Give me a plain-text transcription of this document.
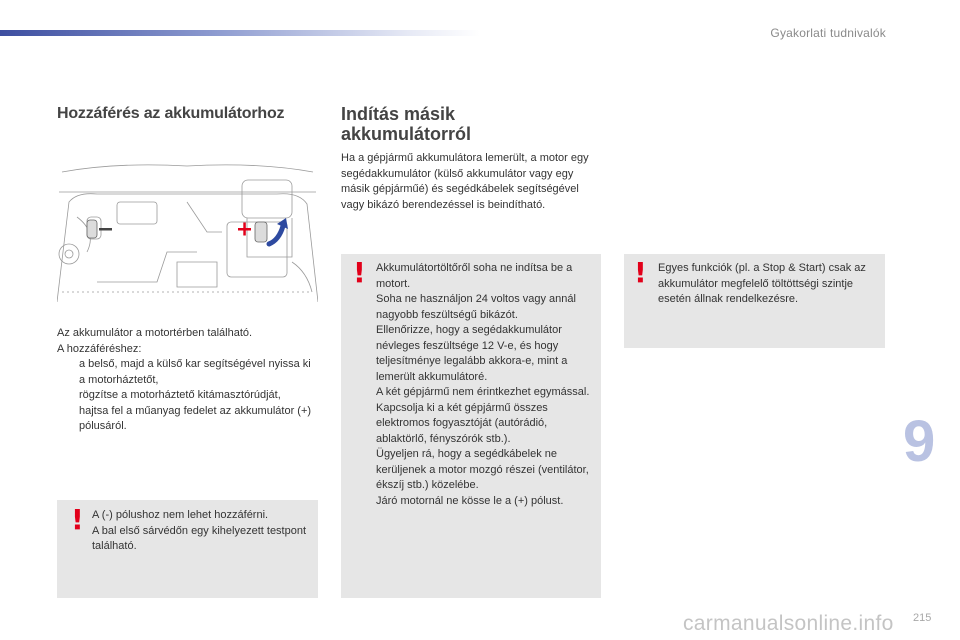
Gyakorlati tudnivalók
Hozzáférés az akkumulátorhoz	Indítás másik
akkumulátorról
Ha a gépjármű akkumulátora lemerült, a motor egy segédakkumulátor (külső akkumulátor vagy egy másik gépjárműé) és segédkábelek segítségével vagy bikázó berendezéssel is beindítható.
Az akkumulátor a motortérben található.
A hozzáféréshez:
a belső, majd a külső kar segítségével nyissa ki a motorháztetőt,
rögzítse a motorháztető kitámasztórúdját,
hajtsa fel a műanyag fedelet az akkumulátor (+) pólusáról.
! A (-) pólushoz nem lehet hozzáférni.
A bal első sárvédőn egy kihelyezett testpont található.
! Akkumulátortöltőről soha ne indítsa be a motort.
Soha ne használjon 24 voltos vagy annál nagyobb feszültségű bikázót.
Ellenőrizze, hogy a segédakkumulátor névleges feszültsége 12 V-e, és hogy teljesítménye legalább akkora-e, mint a lemerült akkumulátoré.
A két gépjármű nem érintkezhet egymással.
Kapcsolja ki a két gépjármű összes elektromos fogyasztóját (autórádió, ablaktörlő, fényszórók stb.).
Ügyeljen rá, hogy a segédkábelek ne kerüljenek a motor mozgó részei (ventilátor, ékszíj stb.) közelébe.
Járó motornál ne kösse le a (+) pólust.
! Egyes funkciók (pl. a Stop & Start) csak az akkumulátor megfelelő töltöttségi szintje esetén állnak rendelkezésre.
9
carmanualsonline.info	215
